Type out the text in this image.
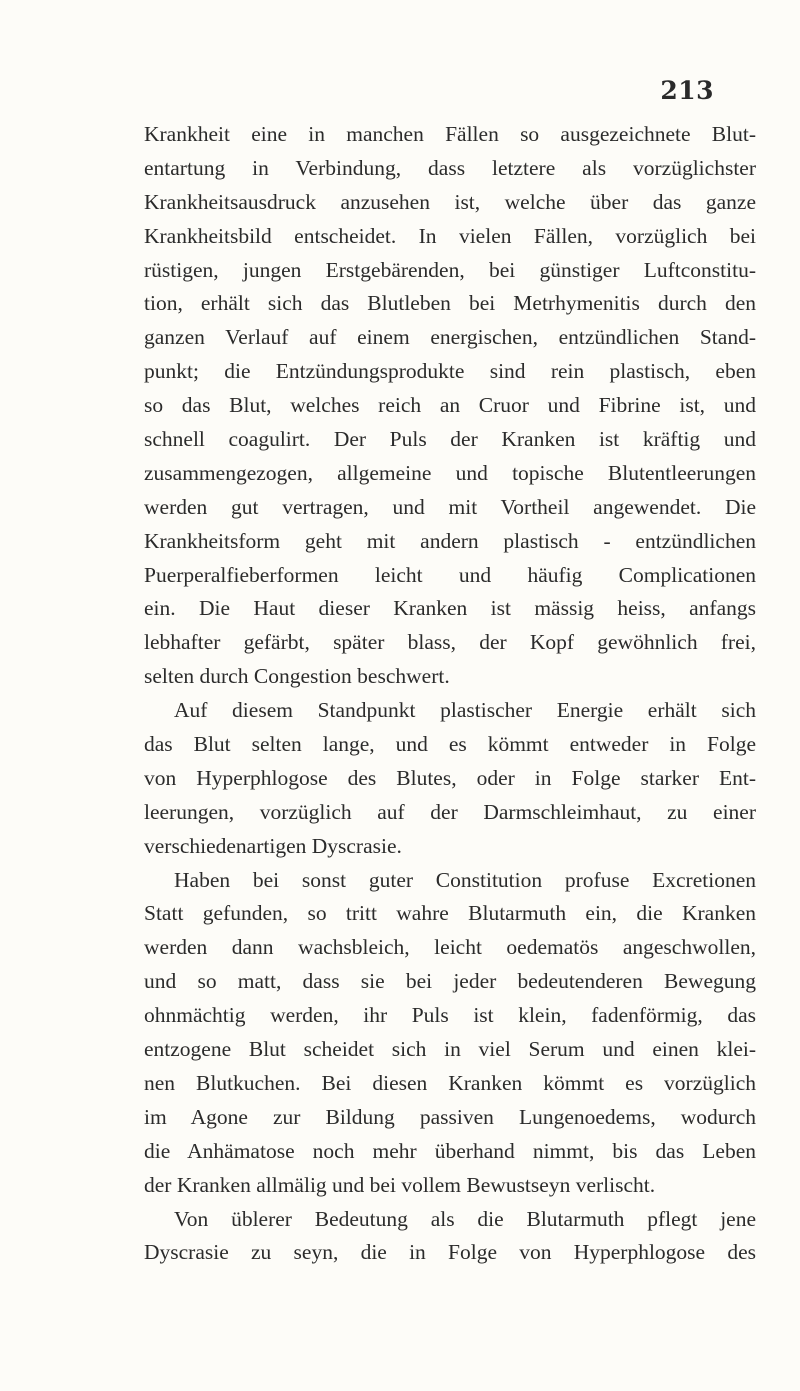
213
Krankheit eine in manchen Fällen so ausgezeichnete Blut-
entartung in Verbindung, dass letztere als vorzüglichster
Krankheitsausdruck anzusehen ist, welche über das ganze
Krankheitsbild entscheidet. In vielen Fällen, vorzüglich bei
rüstigen, jungen Erstgebärenden, bei günstiger Luftconstitu-
tion, erhält sich das Blutleben bei Metrhymenitis durch den
ganzen Verlauf auf einem energischen, entzündlichen Stand-
punkt; die Entzündungsprodukte sind rein plastisch, eben
so das Blut, welches reich an Cruor und Fibrine ist, und
schnell coagulirt. Der Puls der Kranken ist kräftig und
zusammengezogen, allgemeine und topische Blutentleerungen
werden gut vertragen, und mit Vortheil angewendet. Die
Krankheitsform geht mit andern plastisch - entzündlichen
Puerperalfieberformen leicht und häufig Complicationen
ein. Die Haut dieser Kranken ist mässig heiss, anfangs
lebhafter gefärbt, später blass, der Kopf gewöhnlich frei,
selten durch Congestion beschwert.
Auf diesem Standpunkt plastischer Energie erhält sich
das Blut selten lange, und es kömmt entweder in Folge
von Hyperphlogose des Blutes, oder in Folge starker Ent-
leerungen, vorzüglich auf der Darmschleimhaut, zu einer
verschiedenartigen Dyscrasie.
Haben bei sonst guter Constitution profuse Excretionen
Statt gefunden, so tritt wahre Blutarmuth ein, die Kranken
werden dann wachsbleich, leicht oedematös angeschwollen,
und so matt, dass sie bei jeder bedeutenderen Bewegung
ohnmächtig werden, ihr Puls ist klein, fadenförmig, das
entzogene Blut scheidet sich in viel Serum und einen klei-
nen Blutkuchen. Bei diesen Kranken kömmt es vorzüglich
im Agone zur Bildung passiven Lungenoedems, wodurch
die Anhämatose noch mehr überhand nimmt, bis das Leben
der Kranken allmälig und bei vollem Bewustseyn verlischt.
Von üblerer Bedeutung als die Blutarmuth pflegt jene
Dyscrasie zu seyn, die in Folge von Hyperphlogose des
